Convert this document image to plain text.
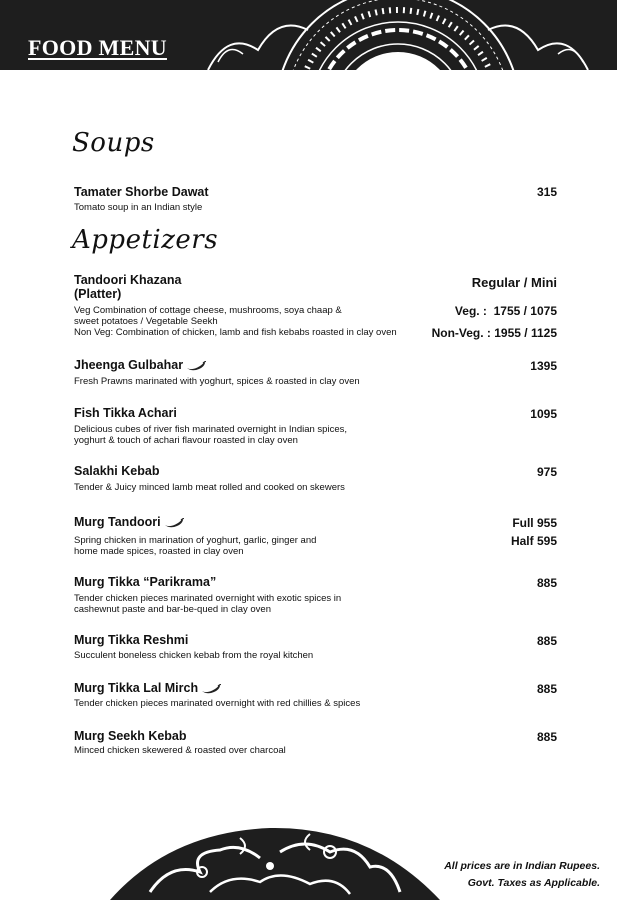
FOOD MENU
Soups
Tamater Shorbe Dawat	315
Tomato soup in an Indian style
Appetizers
Tandoori Khazana
(Platter)
Regular / Mini
Veg Combination of cottage cheese, mushrooms, soya chaap &
sweet potatoes / Vegetable Seekh
Non Veg: Combination of chicken, lamb and fish kebabs roasted in clay oven
Veg. :  1755 / 1075
Non-Veg. : 1955 / 1125
Jheenga Gulbahar	1395
Fresh Prawns marinated with yoghurt, spices & roasted in clay oven
Fish Tikka Achari	1095
Delicious cubes of river fish marinated overnight in Indian spices,
yoghurt & touch of achari flavour roasted in clay oven
Salakhi Kebab	975
Tender & Juicy minced lamb meat rolled and cooked on skewers
Murg Tandoori	Full 955
Half 595
Spring chicken in marination of yoghurt, garlic, ginger and
home made spices, roasted in clay oven
Murg Tikka “Parikrama”	885
Tender chicken pieces marinated overnight with exotic spices in
cashewnut paste and bar-be-qued in clay oven
Murg Tikka Reshmi	885
Succulent boneless chicken kebab from the royal kitchen
Murg Tikka Lal Mirch	885
Tender chicken pieces marinated overnight with red chillies & spices
Murg Seekh Kebab	885
Minced chicken skewered & roasted over charcoal
All prices are in Indian Rupees.
Govt. Taxes as Applicable.
